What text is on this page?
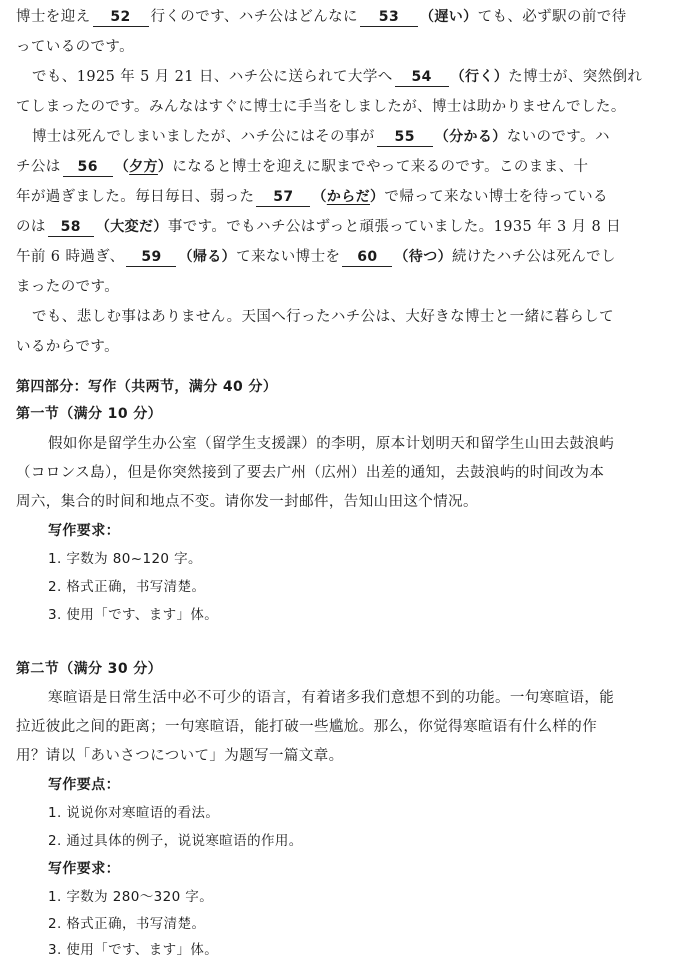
博士を迎え 52 行くのです、ハチ公はどんなに 53 （遅い）ても、必ず駅の前で待
っているのです。
でも、1925 年 5 月 21 日、ハチ公に送られて大学へ 54 （行く）た博士が、突然倒れ
てしまったのです。みんなはすぐに博士に手当をしましたが、博士は助かりませんでした。
博士は死んでしまいましたが、ハチ公にはその事が 55 （分かる）ないのです。ハ
チ公は 56 （夕方）になると博士を迎えに駅までやって来るのです。このまま、十
年が過ぎました。毎日毎日、弱った 57 （からだ）で帰って来ない博士を待っている
のは 58 （大変だ）事です。でもハチ公はずっと頑張っていました。1935 年 3 月 8 日
午前 6 時過ぎ、 59 （帰る）て来ない博士を 60 （待つ）続けたハチ公は死んでし
まったのです。
でも、悲しむ事はありません。天国へ行ったハチ公は、大好きな博士と一緒に暮らして
いるからです。
第四部分：写作（共两节，满分 40 分）
第一节（满分 10 分）
假如你是留学生办公室（留学生支援課）的李明，原本计划明天和留学生山田去鼓浪屿
（コロンス島），但是你突然接到了要去广州（広州）出差的通知，去鼓浪屿的时间改为本
周六，集合的时间和地点不变。请你发一封邮件，告知山田这个情况。
写作要求：
1. 字数为 80~120 字。
2. 格式正确，书写清楚。
3. 使用「です、ます」体。
第二节（满分 30 分）
寒暄语是日常生活中必不可少的语言，有着诸多我们意想不到的功能。一句寒暄语，能
拉近彼此之间的距离；一句寒暄语，能打破一些尴尬。那么，你觉得寒暄语有什么样的作
用？请以「あいさつについて」为题写一篇文章。
写作要点：
1. 说说你对寒暄语的看法。
2. 通过具体的例子，说说寒暄语的作用。
写作要求：
1. 字数为 280～320 字。
2. 格式正确，书写清楚。
3. 使用「です、ます」体。
